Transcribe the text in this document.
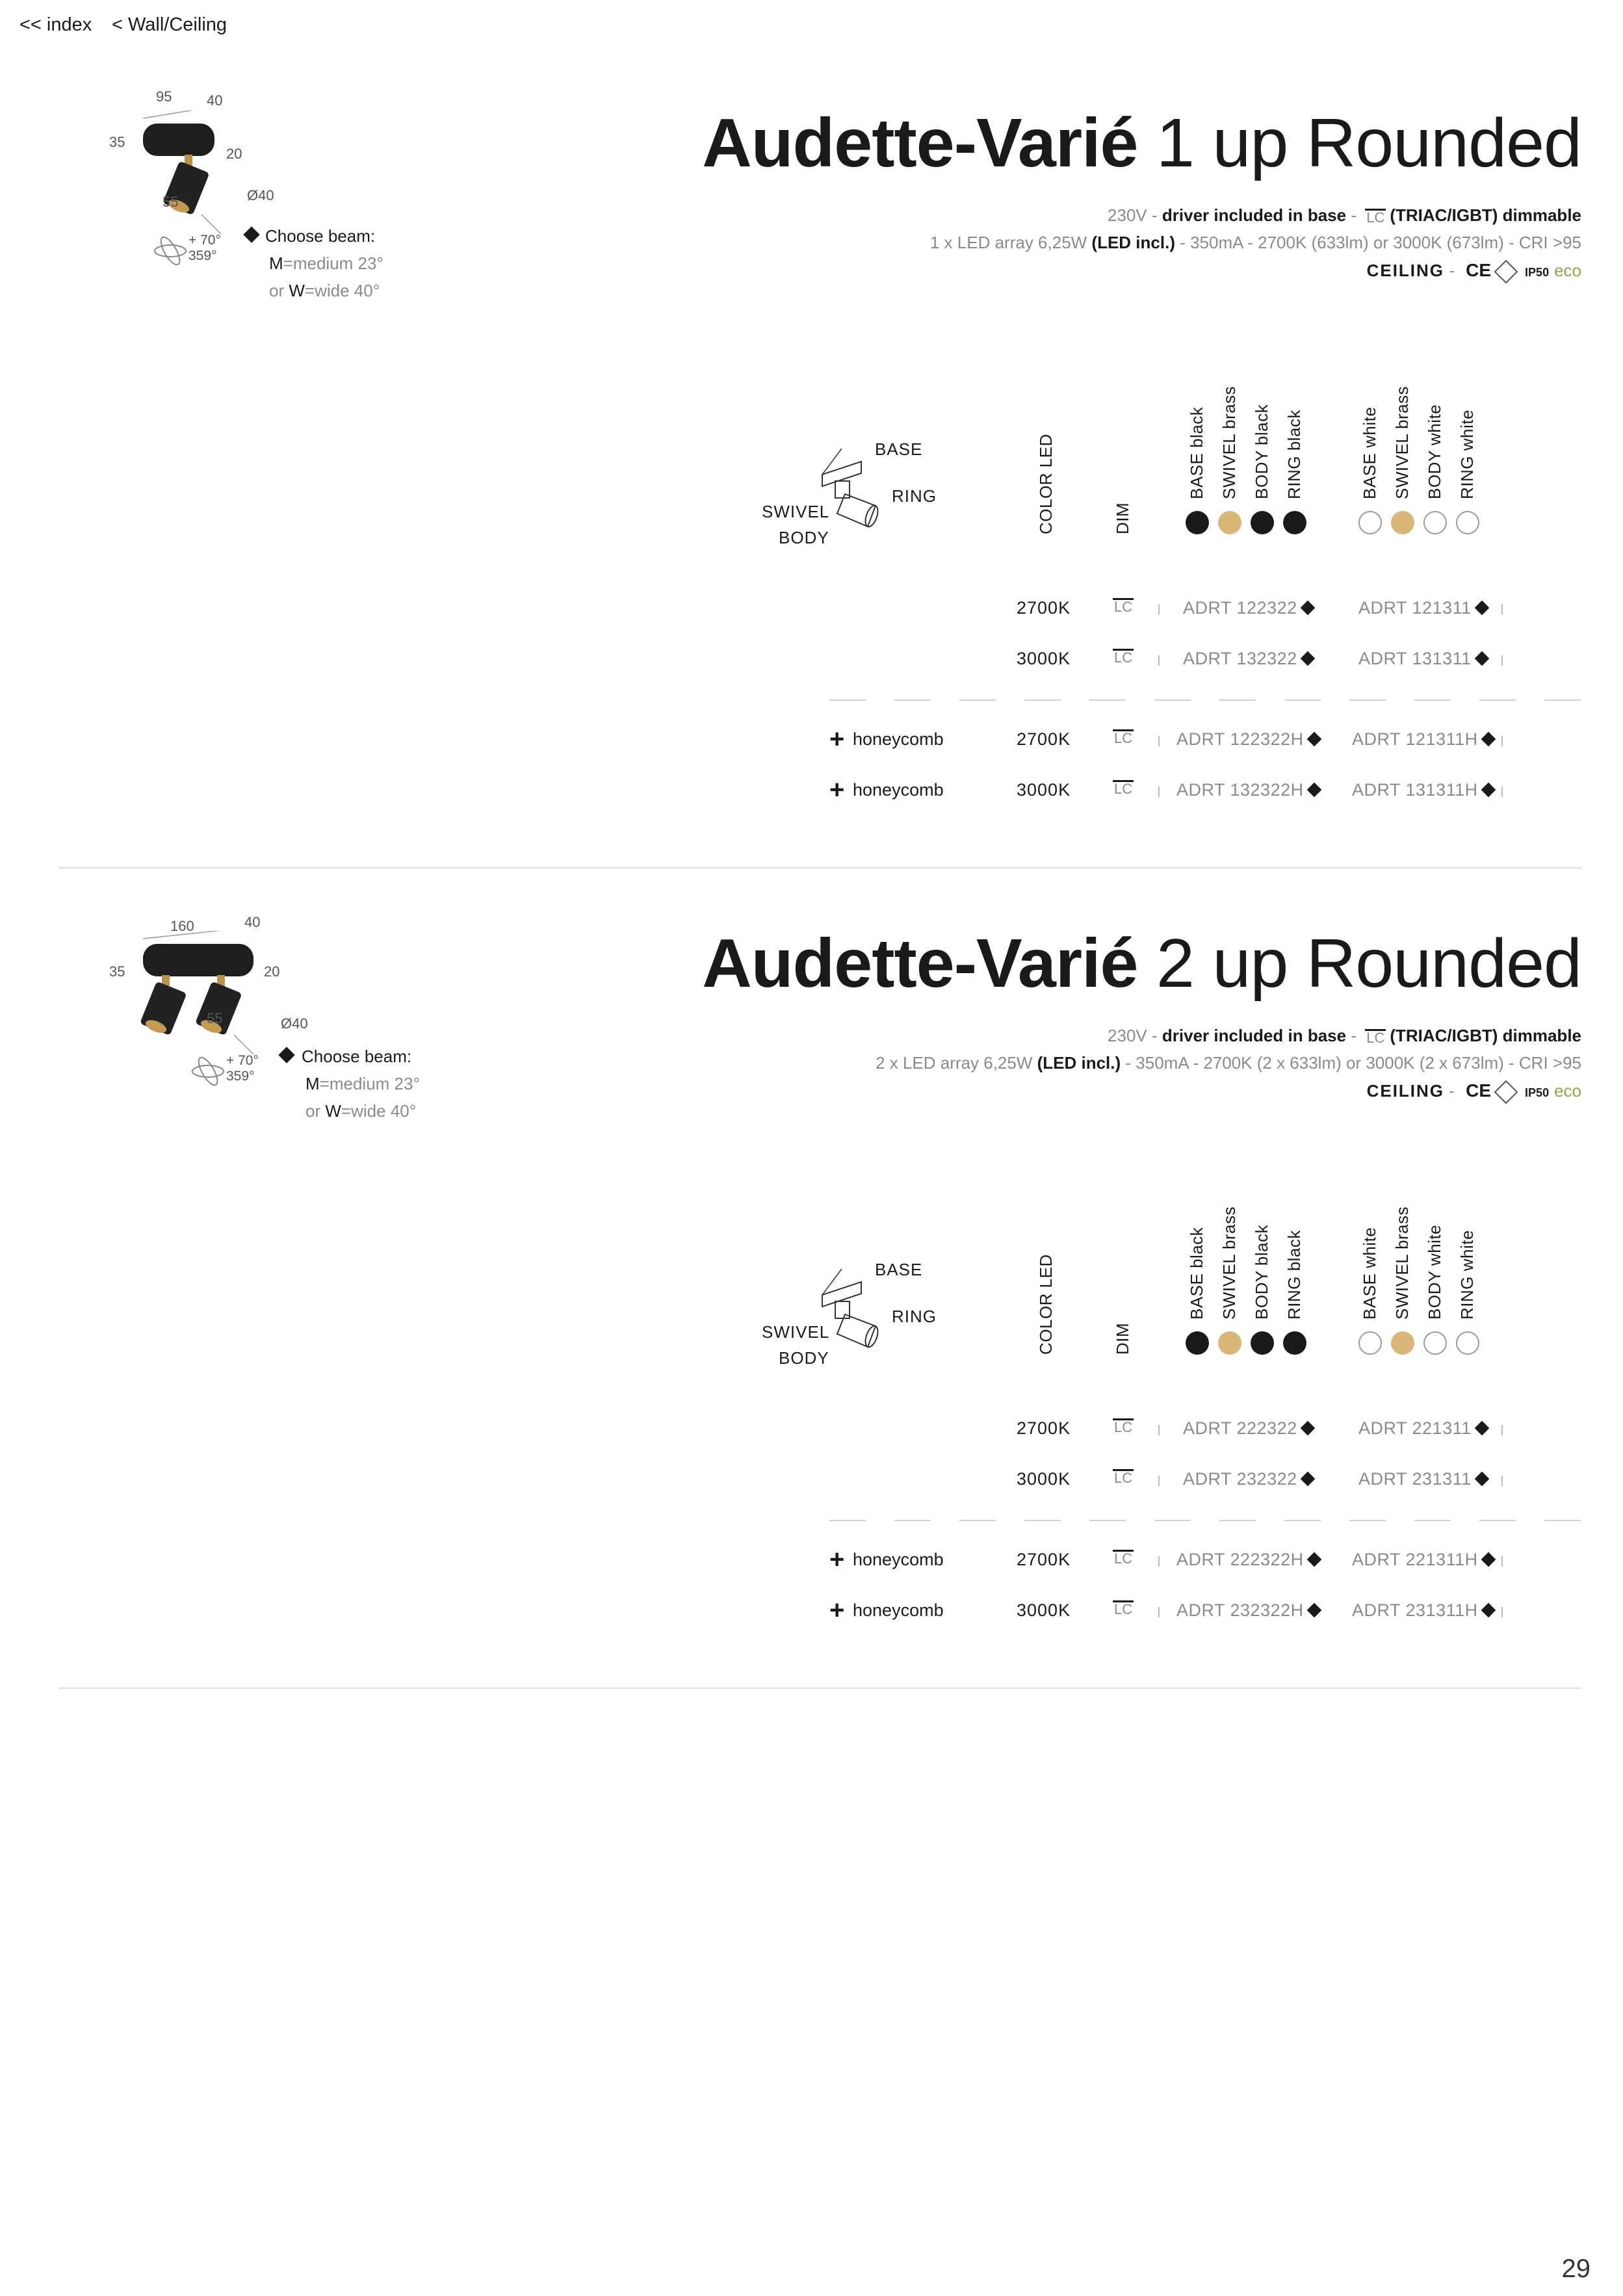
<< index < Wall/Ceiling
Audette-Varié 1 up Rounded
230V - driver included in base - LC (TRIAC/IGBT) dimmable
1 x LED array 6,25W (LED incl.) - 350mA - 2700K (633lm) or 3000K (673lm) - CRI >95
CEILING - CE	IP50 eco
95 40
35
20
55	Ø40
+ 70°
359°
Choose beam:
M=medium 23°
or W=wide 40°
BASE
RING
SWIVEL
BODY
COLOR LED	DIM
BASE black SWIVEL brass BODY black RING black	BASE white SWIVEL brass BODY white RING white
2700K	LC	ADRT 122322	ADRT 121311
3000K	LC	ADRT 132322	ADRT 131311
+ honeycomb	2700K	LC	ADRT 122322H	ADRT 121311H
+ honeycomb	3000K	LC	ADRT 132322H	ADRT 131311H
Audette-Varié 2 up Rounded
230V - driver included in base - LC (TRIAC/IGBT) dimmable
2 x LED array 6,25W (LED incl.) - 350mA - 2700K (2 x 633lm) or 3000K (2 x 673lm) - CRI >95
CEILING - CE	IP50 eco
160	40
35	20
55	Ø40
+ 70°
359°
Choose beam:
M=medium 23°
or W=wide 40°
BASE
RING
SWIVEL
BODY
COLOR LED	DIM
BASE black SWIVEL brass BODY black RING black	BASE white SWIVEL brass BODY white RING white
2700K	LC	ADRT 222322	ADRT 221311
3000K	LC	ADRT 232322	ADRT 231311
+ honeycomb	2700K	LC	ADRT 222322H	ADRT 221311H
+ honeycomb	3000K	LC	ADRT 232322H	ADRT 231311H
29
